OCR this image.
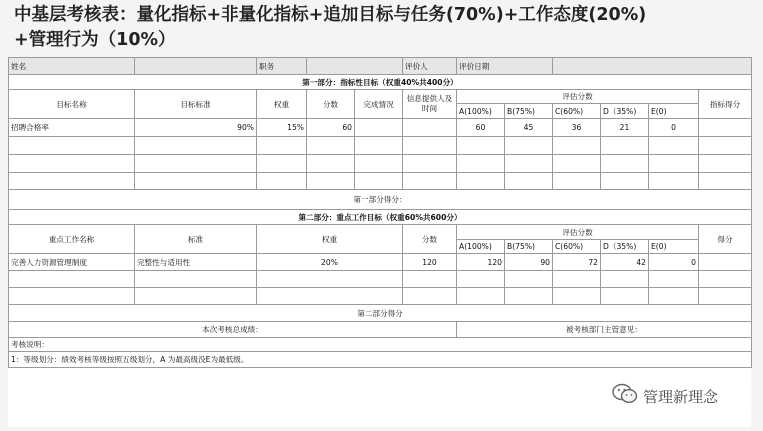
中基层考核表：量化指标+非量化指标+追加目标与任务(70%)+工作态度(20%)
+管理行为（10%）
姓名		职务			评价人	评价日期					
第一部分：指标性目标（权重40%共400分）											
目标名称	目标标准	权重	分数	完成情况	信息提供人及时间	评估分数					指标得分
						A(100%)	B(75%)	C(60%)	D（35%)	E(0)	
招聘合格率	90%	15%	60			60	45	36	21	0	

第一部分得分：											
第二部分：重点工作目标（权重60%共600分）											
重点工作名称	标准	权重			分数	评估分数					得分
						A(100%)	B(75%)	C(60%)	D（35%)	E(0)	
完善人力资源管理制度	完整性与适用性	20%			120	120	90	72	42	0	

第二部分得分											
本次考核总成绩：						被考核部门主管意见：					
考核说明：											
1：等级划分：绩效考核等级按照五级划分，A 为最高级没E为最低级。											
管理新理念
